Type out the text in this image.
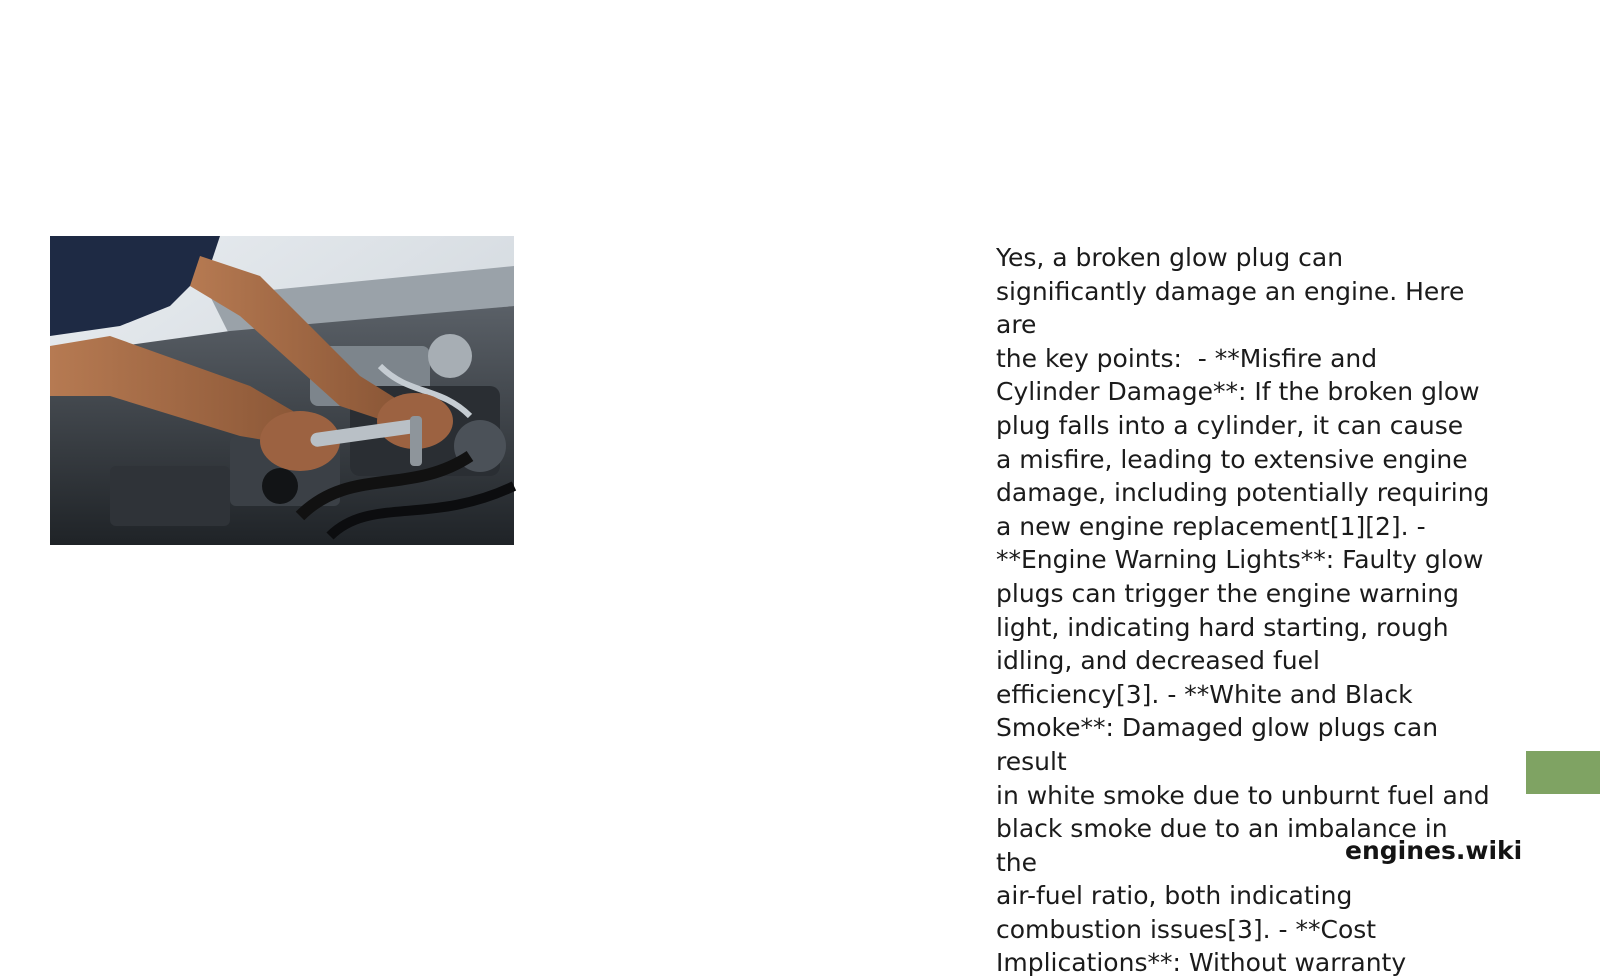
Yes, a broken glow plug can
significantly damage an engine. Here are
the key points:  - **Misfire and
Cylinder Damage**: If the broken glow
plug falls into a cylinder, it can cause
a misfire, leading to extensive engine
damage, including potentially requiring
a new engine replacement[1][2]. -
**Engine Warning Lights**: Faulty glow
plugs can trigger the engine warning
light, indicating hard starting, rough
idling, and decreased fuel
efficiency[3]. - **White and Black
Smoke**: Damaged glow plugs can result
in white smoke due to unburnt fuel and
black smoke due to an imbalance in the
air-fuel ratio, both indicating
combustion issues[3]. - **Cost
Implications**: Without warranty

engines.wiki
